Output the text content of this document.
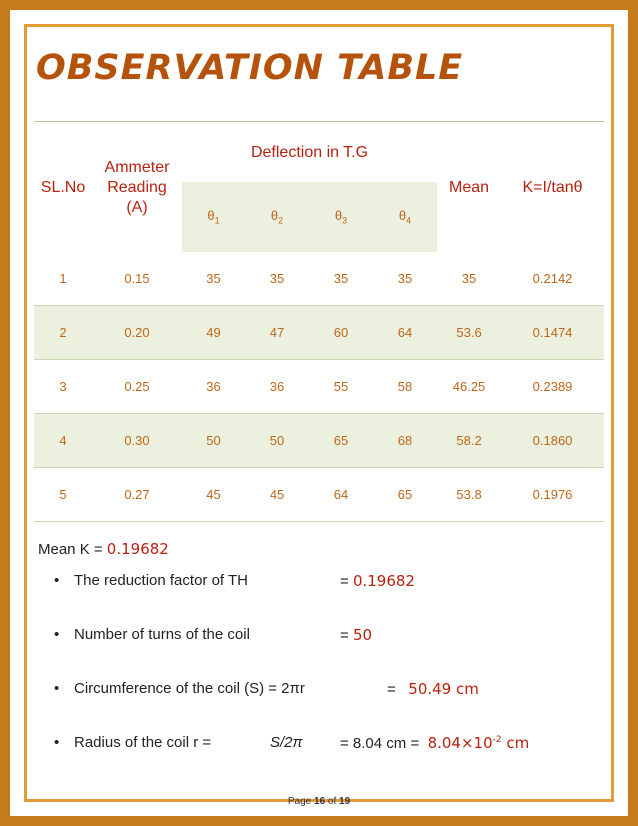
OBSERVATION TABLE
SL.No	Ammeter
Reading
(A)	Deflection in T.G				Mean	K=I/tanθ
		$\theta_1$	$\theta_2$	$\theta_3$	$\theta_4$
1	0.15	35	35	35	35	35	0.2142
2	0.20	49	47	60	64	53.6	0.1474
3	0.25	36	36	55	58	46.25	0.2389
4	0.30	50	50	65	68	58.2	0.1860
5	0.27	45	45	64	65	53.8	0.1976
Mean K = 0.19682
• The reduction factor of TH	= 0.19682
• Number of turns of the coil	= 50
• Circumference of the coil (S) = 2πr	=   50.49 cm
• Radius of the coil r =	S/2π = 8.04 cm = $8.04\times 10^{-2}$ cm
Page 16 of 19
